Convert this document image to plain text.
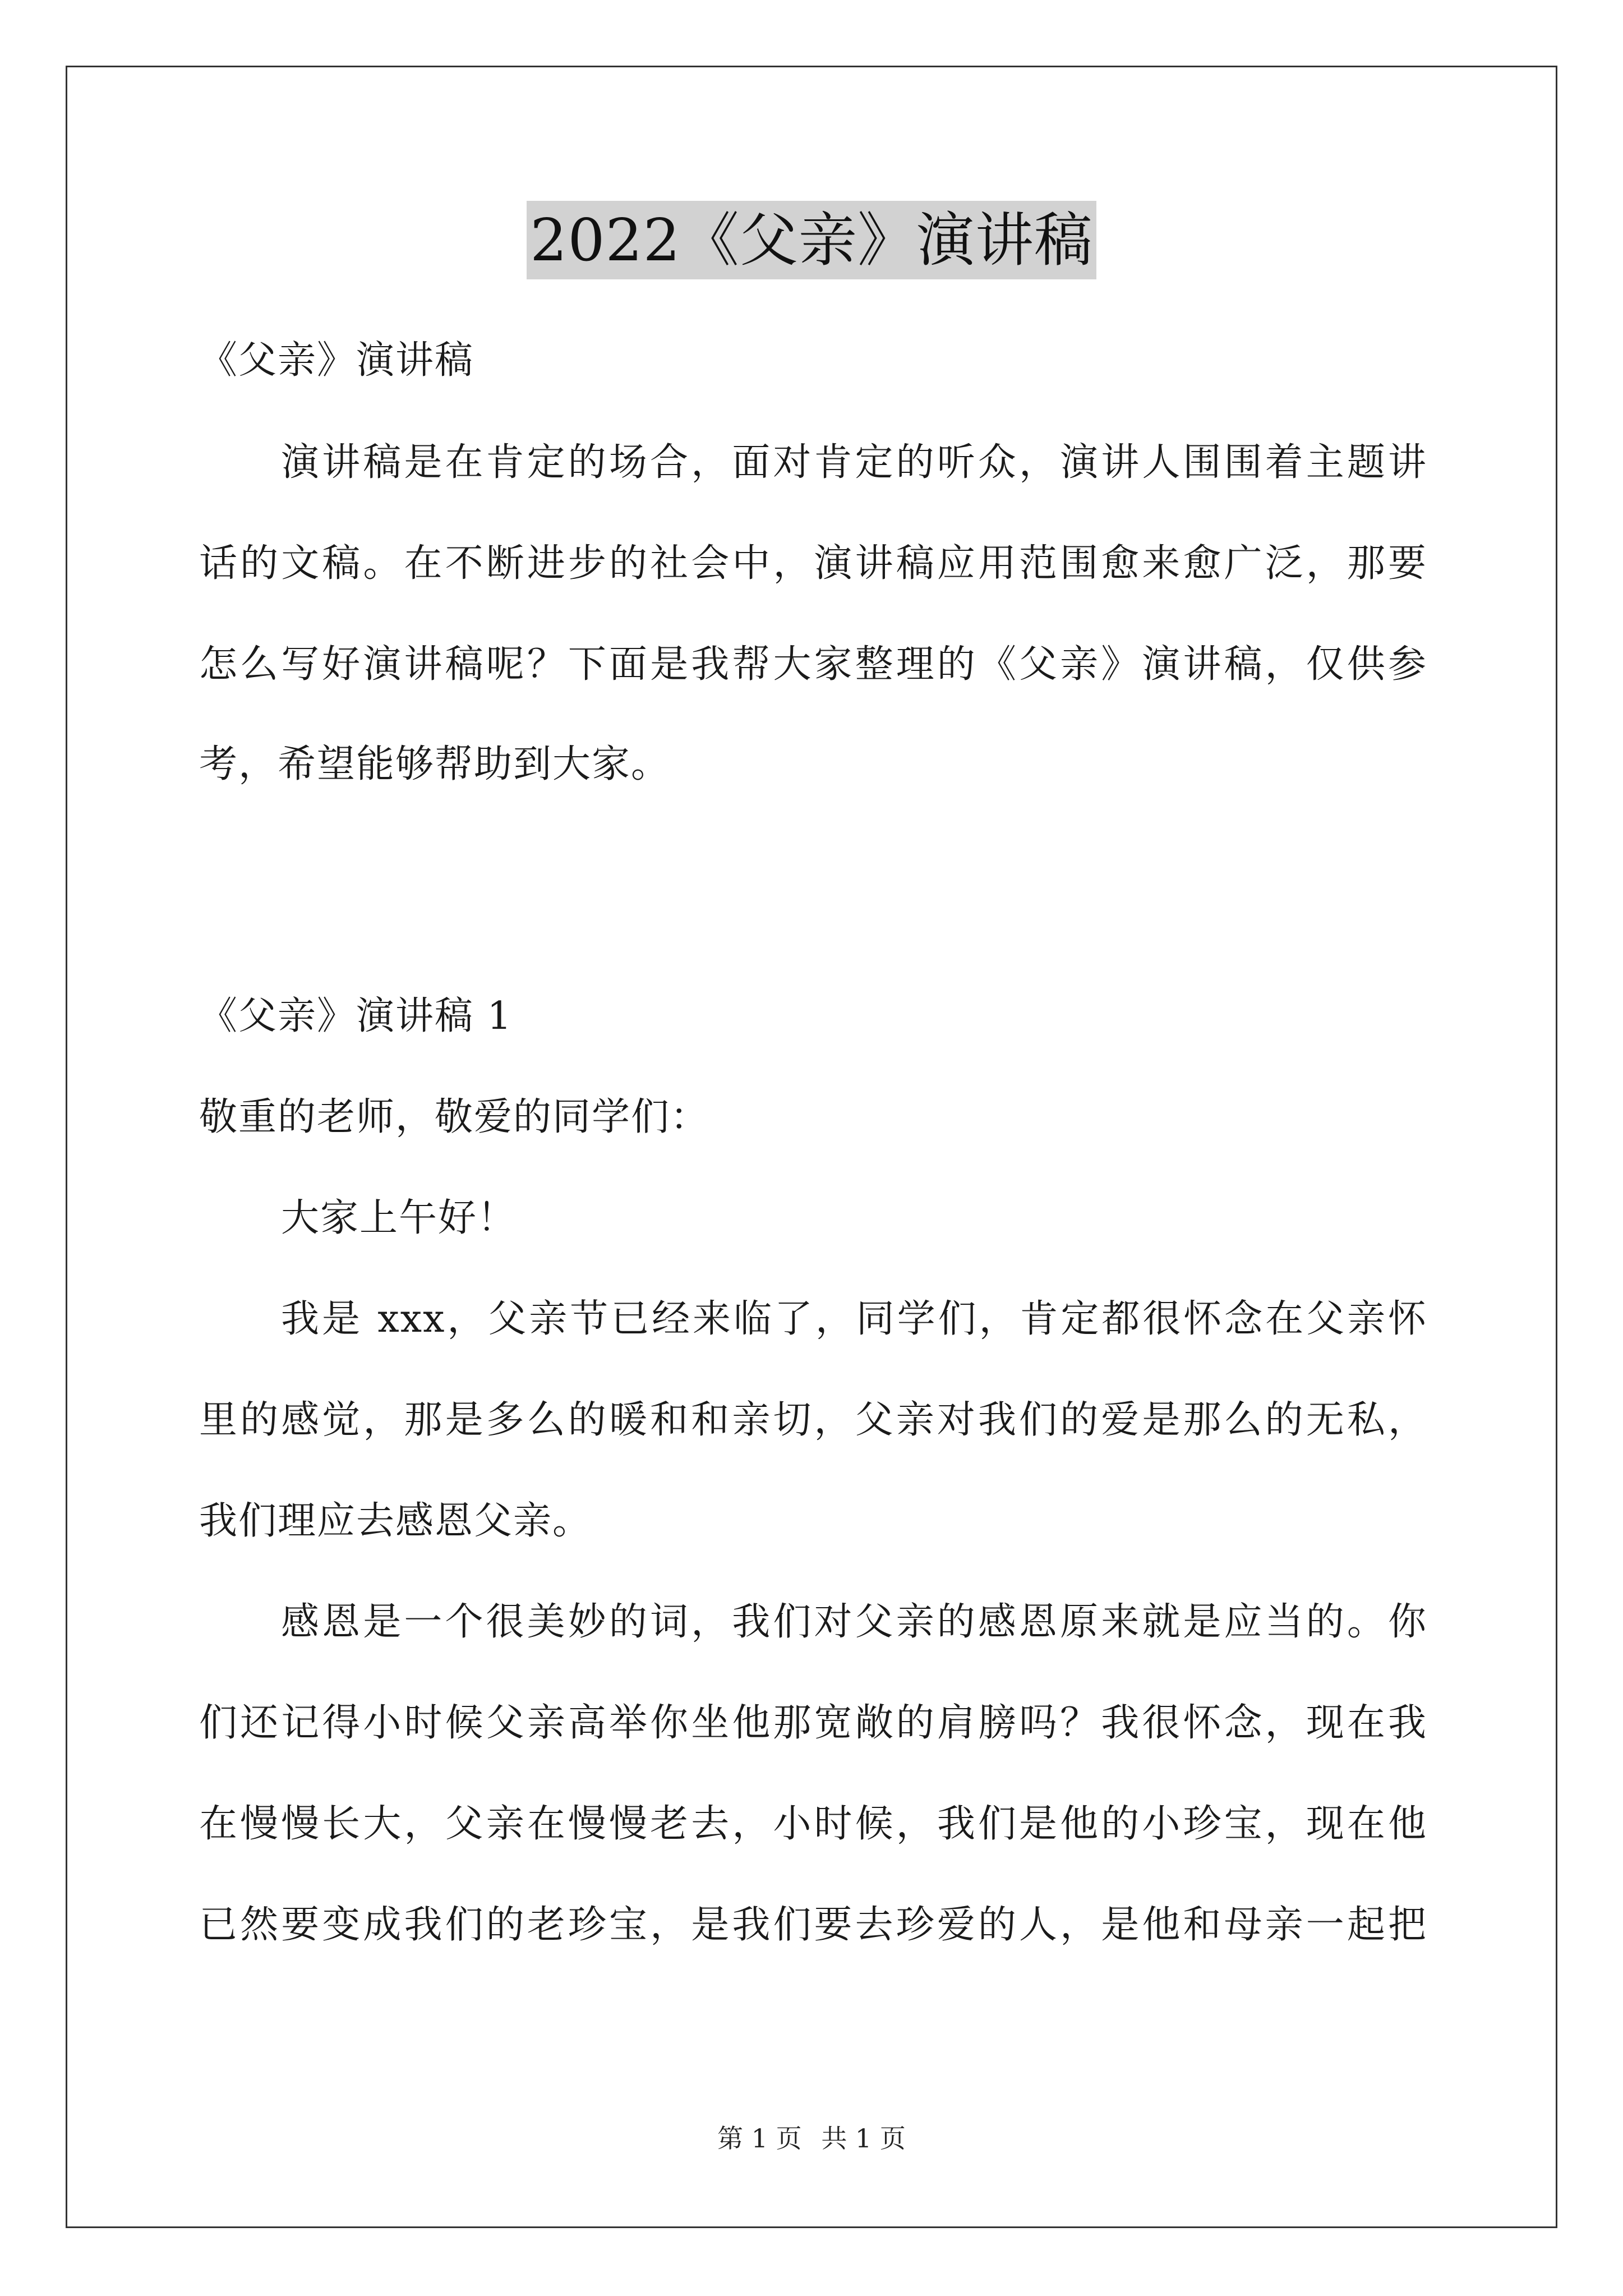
2022《父亲》演讲稿
《父亲》演讲稿
演讲稿是在肯定的场合，面对肯定的听众，演讲人围围着主题讲
话的文稿。在不断进步的社会中，演讲稿应用范围愈来愈广泛，那要
怎么写好演讲稿呢？下面是我帮大家整理的《父亲》演讲稿，仅供参
考，希望能够帮助到大家。
《父亲》演讲稿 1
敬重的老师，敬爱的同学们：
大家上午好！
我是 xxx，父亲节已经来临了，同学们，肯定都很怀念在父亲怀
里的感觉，那是多么的暖和和亲切，父亲对我们的爱是那么的无私，
我们理应去感恩父亲。
感恩是一个很美妙的词，我们对父亲的感恩原来就是应当的。你
们还记得小时候父亲高举你坐他那宽敞的肩膀吗？我很怀念，现在我
在慢慢长大，父亲在慢慢老去，小时候，我们是他的小珍宝，现在他
已然要变成我们的老珍宝，是我们要去珍爱的人，是他和母亲一起把
第 1 页 共 1 页
